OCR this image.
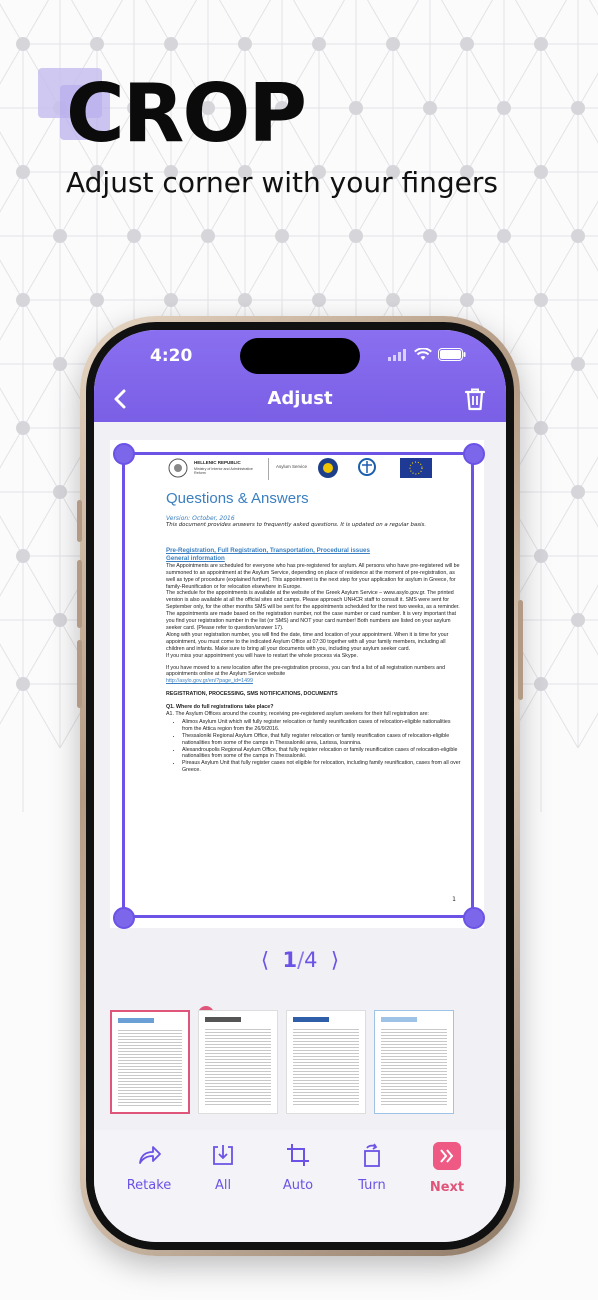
CROP
Adjust corner with your fingers
4:20
Adjust
HELLENIC REPUBLIC
Ministry of Interior and Administrative Reform
Asylum Service
Questions & Answers
Version: October, 2016
This document provides answers to frequently asked questions. It is updated on a regular basis.
Pre-Registration, Full Registration, Transportation, Procedural issues
General information

The Appointments are scheduled for everyone who has pre-registered for asylum. All persons who have pre-registered will be summoned to an appointment at the Asylum Service, depending on place of residence at the moment of pre-registration, as well as type of procedure (explained further). This appointment is the next step for your application for asylum in Greece, for family-Reunification or for relocation elsewhere in Europe.

The schedule for the appointments is available at the website of the Greek Asylum Service – www.asylo.gov.gr. The printed version is also available at all the official sites and camps. Please approach UNHCR staff to consult it. SMS were sent for September only, for the other months SMS will be sent for the appointments scheduled for the next two weeks, as a reminder.

The appointments are made based on the registration number, not the case number or card number. It is very important that you find your registration number in the list (or SMS) and NOT your card number! Both numbers are listed on your asylum seeker card. (Please refer to question/answer 17).

Along with your registration number, you will find the date, time and location of your appointment. When it is time for your appointment, you must come to the indicated Asylum Office at 07:30 together with all your family members, including all children and infants. Make sure to bring all your documents with you, including your asylum seeker card.

If you miss your appointment you will have to restart the whole process via Skype.

If you have moved to a new location after the pre-registration process, you can find a list of all registration numbers and appointments online at the Asylum Service website

http://asylo.gov.gr/en/?page_id=1499

REGISTRATION, PROCESSING, SMS NOTIFICATIONS, DOCUMENTS
Q1. Where do full registrations take place?

A1. The Asylum Offices around the country, receiving pre-registered asylum seekers for their full registration are:

• Alimos Asylum Unit which will fully register relocation or family reunification cases of relocation-eligible nationalities from the Attica region from the 26/9/2016.
• Thessaloniki Regional Asylum Office, that fully register relocation or family reunification cases of relocation-eligible nationalities from some of the camps in Thessaloniki area, Larissa, Ioannina.
• Alexandroupolis Regional Asylum Office, that fully register relocation or family reunification cases of relocation-eligible nationalities from some of the camps in Thessaloniki.
• Pireaus Asylum Unit that fully register cases not eligible for relocation, including family reunification, cases from all over Greece.
1
⟨ 1/4 ⟩
Retake	All	Auto	Turn	Next
